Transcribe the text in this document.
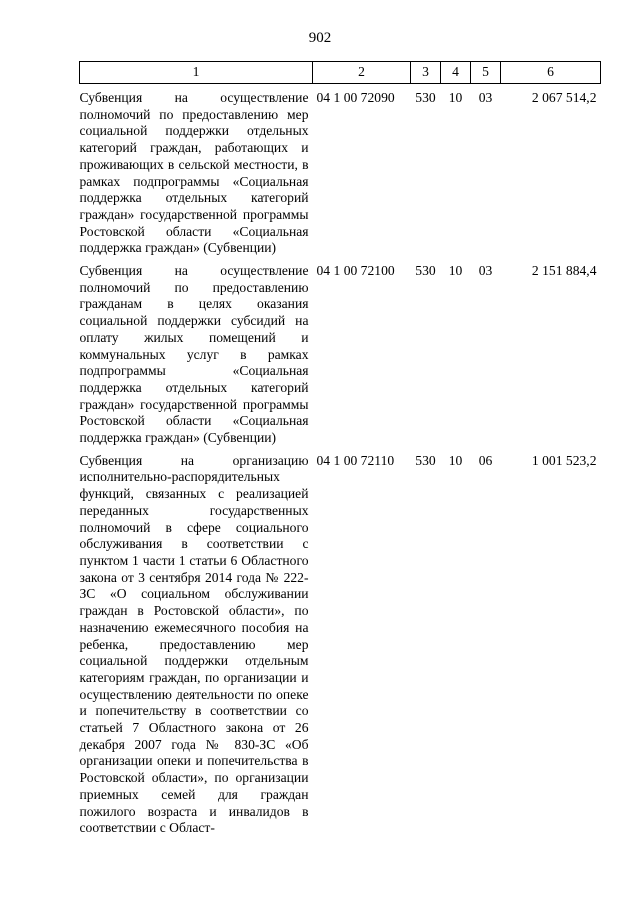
902
1	2	3	4	5	6
Субвенция на осуществление полномочий по предоставлению мер социальной поддержки отдельных категорий граждан, работающих и проживающих в сельской местности, в рамках подпрограммы «Социальная поддержка отдельных категорий граждан» государственной программы Ростовской области «Социальная поддержка граждан» (Субвенции)	04 1 00 72090	530	10	03	2 067 514,2
Субвенция на осуществление полномочий по предоставлению гражданам в целях оказания социальной поддержки субсидий на оплату жилых помещений и коммунальных услуг в рамках подпрограммы «Социальная поддержка отдельных категорий граждан» государственной программы Ростовской области «Социальная поддержка граждан» (Субвенции)	04 1 00 72100	530	10	03	2 151 884,4
Субвенция на организацию исполнительно-распорядительных функций, связанных с реализацией переданных государственных полномочий в сфере социального обслуживания в соответствии с пунктом 1 части 1 статьи 6 Областного закона от 3 сентября 2014 года № 222-ЗС «О социальном обслуживании граждан в Ростовской области», по назначению ежемесячного пособия на ребенка, предоставлению мер социальной поддержки отдельным категориям граждан, по организации и осуществлению деятельности по опеке и попечительству в соответствии со статьей 7 Областного закона от 26 декабря 2007 года № 830-ЗС «Об организации опеки и попечительства в Ростовской области», по организации приемных семей для граждан пожилого возраста и инвалидов в соответствии с Област-	04 1 00 72110	530	10	06	1 001 523,2
